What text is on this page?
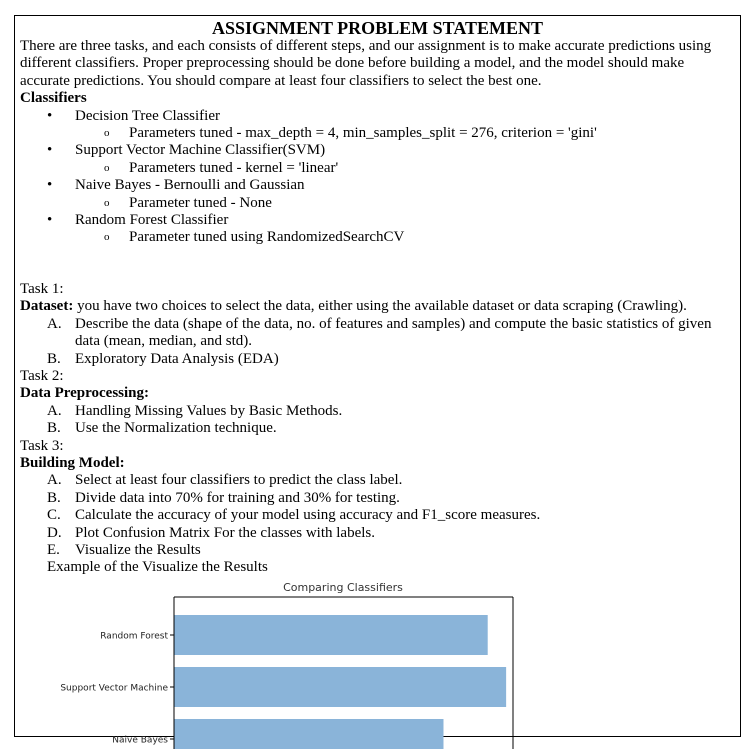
ASSIGNMENT PROBLEM STATEMENT

There are three tasks, and each consists of different steps, and our assignment is to make accurate predictions using different classifiers. Proper preprocessing should be done before building a model, and the model should make accurate predictions. You should compare at least four classifiers to select the best one.

Classifiers
• Decision Tree Classifier
o Parameters tuned - max_depth = 4, min_samples_split = 276, criterion = 'gini'
• Support Vector Machine Classifier(SVM)
o Parameters tuned - kernel = 'linear'
• Naive Bayes - Bernoulli and Gaussian
o Parameter tuned - None
• Random Forest Classifier
o Parameter tuned using RandomizedSearchCV
Task 1:
Dataset: you have two choices to select the data, either using the available dataset or data scraping (Crawling).
A. Describe the data (shape of the data, no. of features and samples) and compute the basic statistics of given data (mean, median, and std).
B. Exploratory Data Analysis (EDA)
Task 2:
Data Preprocessing:
A. Handling Missing Values by Basic Methods.
B. Use the Normalization technique.
Task 3:
Building Model:
A. Select at least four classifiers to predict the class label.
B. Divide data into 70% for training and 30% for testing.
C. Calculate the accuracy of your model using accuracy and F1_score measures.
D. Plot Confusion Matrix For the classes with labels.
E. Visualize the Results
Example of the Visualize the Results
Comparing Classifiers
Random Forest
Support Vector Machine
Naive Bayes
